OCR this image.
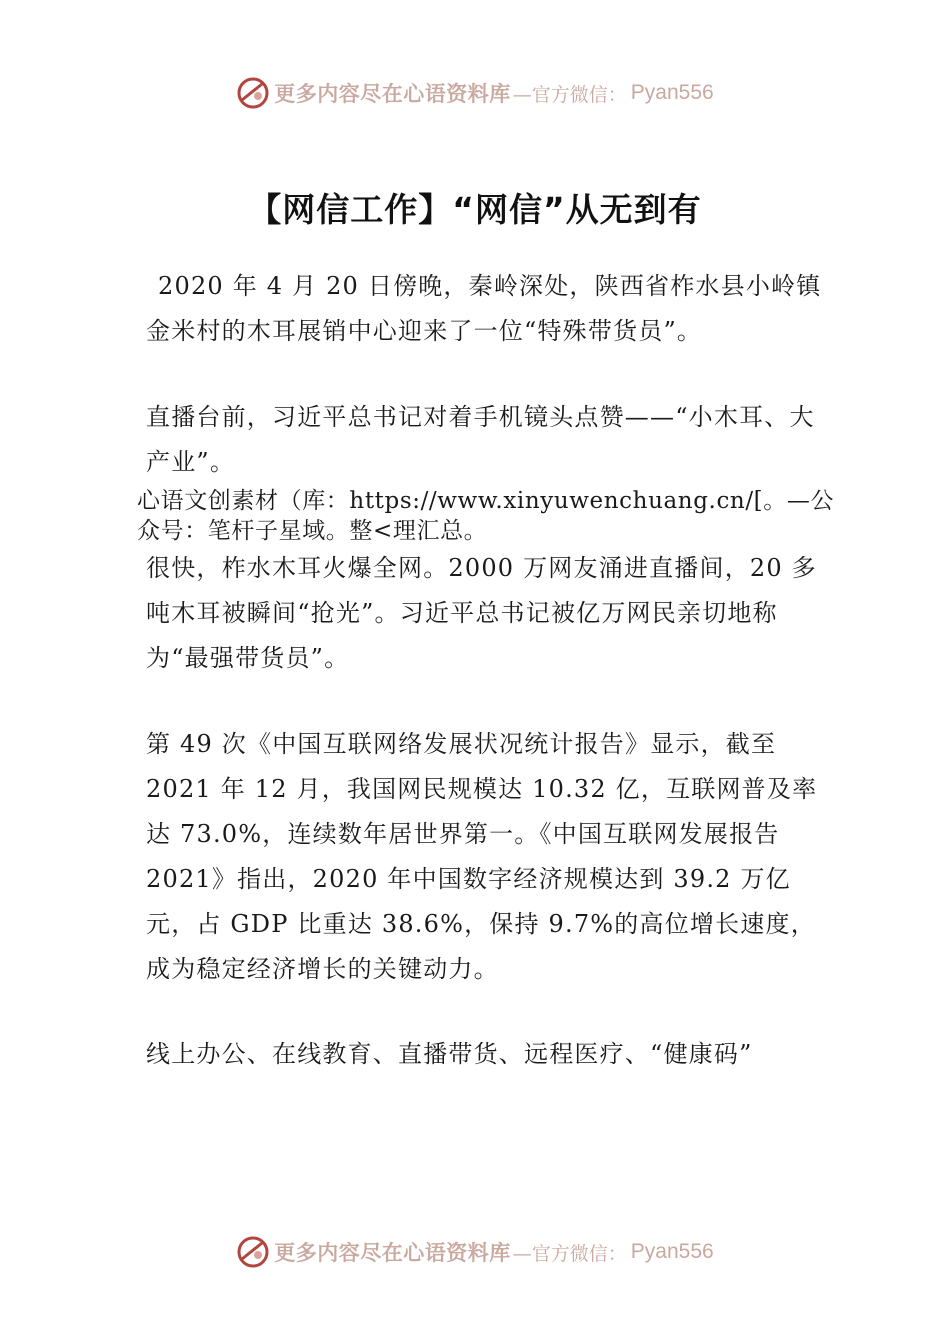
更多内容尽在心语资料库 —官方微信： Pyan556
【网信工作】“网信”从无到有

2020 年 4 月 20 日傍晚，秦岭深处，陕西省柞水县小岭镇金米村的木耳展销中心迎来了一位“特殊带货员”。

直播台前，习近平总书记对着手机镜头点赞——“小木耳、大产业”。

心语文创素材（库：https://www.xinyuwenchuang.cn/[。—公众号：笔杆子星域。整<理汇总。

很快，柞水木耳火爆全网。2000 万网友涌进直播间，20 多吨木耳被瞬间“抢光”。习近平总书记被亿万网民亲切地称为“最强带货员”。

第 49 次《中国互联网络发展状况统计报告》显示，截至 2021 年 12 月，我国网民规模达 10.32 亿，互联网普及率达 73.0%，连续数年居世界第一。《中国互联网发展报告 2021》指出，2020 年中国数字经济规模达到 39.2 万亿元，占 GDP 比重达 38.6%，保持 9.7%的高位增长速度，成为稳定经济增长的关键动力。

线上办公、在线教育、直播带货、远程医疗、“健康码”

更多内容尽在心语资料库 —官方微信： Pyan556
